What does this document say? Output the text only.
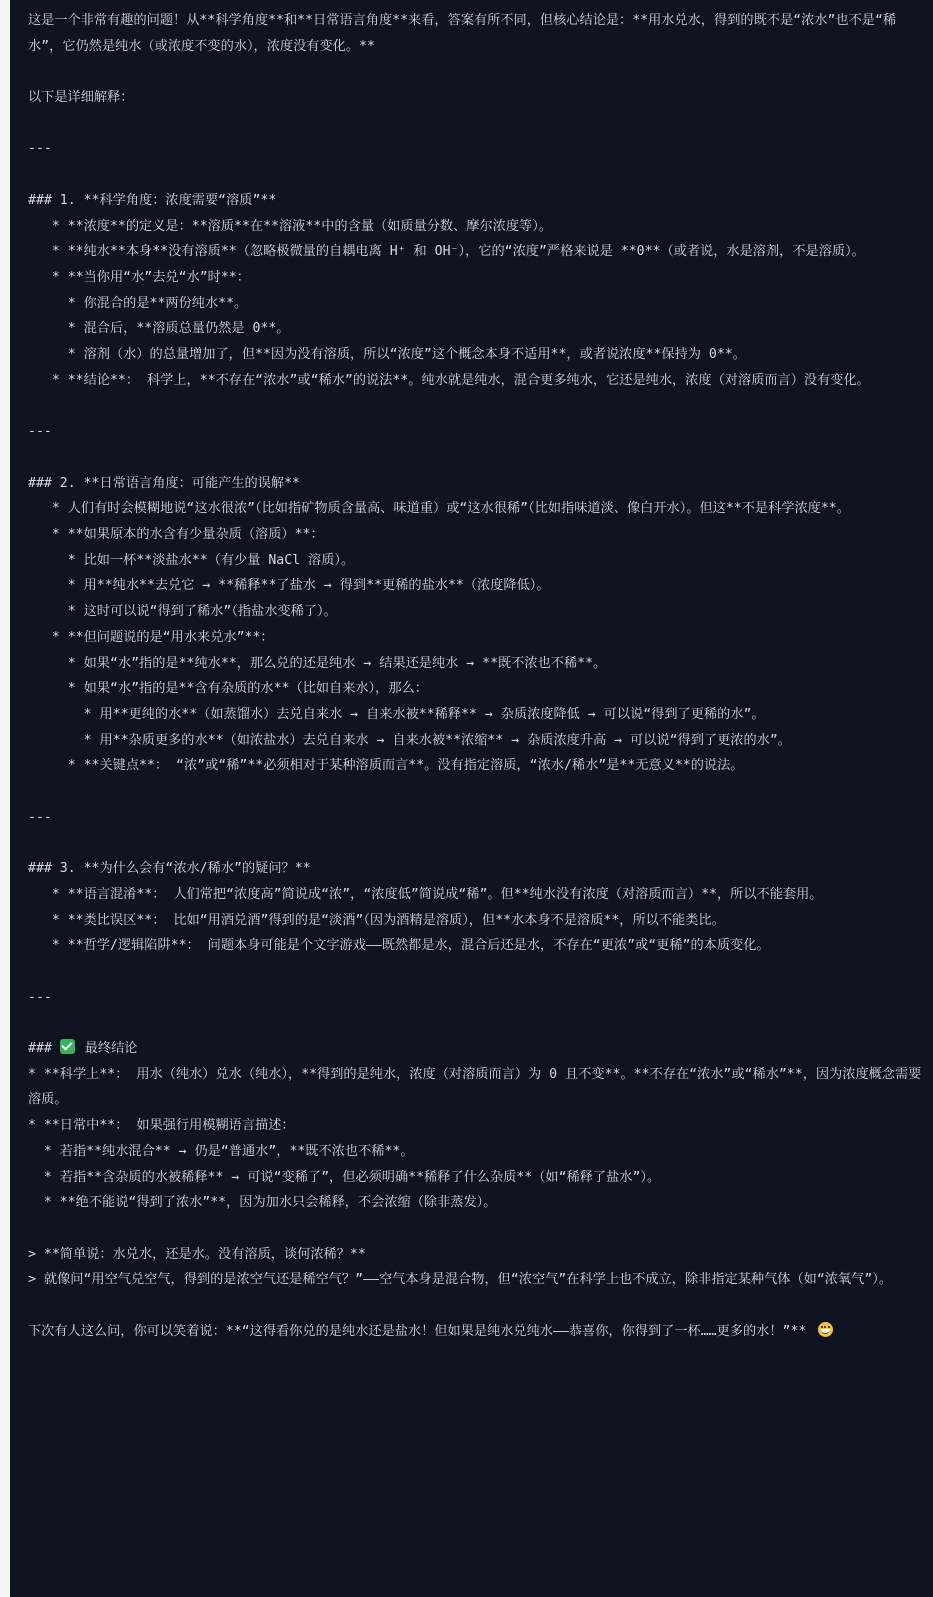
这是一个非常有趣的问题！从**科学角度**和**日常语言角度**来看，答案有所不同，但核心结论是：**用水兑水，得到的既不是“浓水”也不是“稀水”，它仍然是纯水（或浓度不变的水），浓度没有变化。**
以下是详细解释：
---
### 1. **科学角度：浓度需要“溶质”**
* **浓度**的定义是：**溶质**在**溶液**中的含量（如质量分数、摩尔浓度等）。
* **纯水**本身**没有溶质**（忽略极微量的自耦电离 H⁺ 和 OH⁻），它的“浓度”严格来说是 **0**（或者说，水是溶剂，不是溶质）。
* **当你用“水”去兑“水”时**：
* 你混合的是**两份纯水**。
* 混合后，**溶质总量仍然是 0**。
* 溶剂（水）的总量增加了，但**因为没有溶质，所以“浓度”这个概念本身不适用**，或者说浓度**保持为 0**。
* **结论**： 科学上，**不存在“浓水”或“稀水”的说法**。纯水就是纯水，混合更多纯水，它还是纯水，浓度（对溶质而言）没有变化。
---
### 2. **日常语言角度：可能产生的误解**
* 人们有时会模糊地说“这水很浓”（比如指矿物质含量高、味道重）或“这水很稀”（比如指味道淡、像白开水）。但这**不是科学浓度**。
* **如果原本的水含有少量杂质（溶质）**：
* 比如一杯**淡盐水**（有少量 NaCl 溶质）。
* 用**纯水**去兑它 → **稀释**了盐水 → 得到**更稀的盐水**（浓度降低）。
* 这时可以说“得到了稀水”（指盐水变稀了）。
* **但问题说的是“用水来兑水”**：
* 如果“水”指的是**纯水**，那么兑的还是纯水 → 结果还是纯水 → **既不浓也不稀**。
* 如果“水”指的是**含有杂质的水**（比如自来水），那么：
* 用**更纯的水**（如蒸馏水）去兑自来水 → 自来水被**稀释** → 杂质浓度降低 → 可以说“得到了更稀的水”。
* 用**杂质更多的水**（如浓盐水）去兑自来水 → 自来水被**浓缩** → 杂质浓度升高 → 可以说“得到了更浓的水”。
* **关键点**： “浓”或“稀”**必须相对于某种溶质而言**。没有指定溶质，“浓水/稀水”是**无意义**的说法。
---
### 3. **为什么会有“浓水/稀水”的疑问？**
* **语言混淆**： 人们常把“浓度高”简说成“浓”，“浓度低”简说成“稀”。但**纯水没有浓度（对溶质而言）**，所以不能套用。
* **类比误区**： 比如“用酒兑酒”得到的是“淡酒”（因为酒精是溶质），但**水本身不是溶质**，所以不能类比。
* **哲学/逻辑陷阱**： 问题本身可能是个文字游戏——既然都是水，混合后还是水，不存在“更浓”或“更稀”的本质变化。
---
###  最终结论
* **科学上**： 用水（纯水）兑水（纯水），**得到的是纯水，浓度（对溶质而言）为 0 且不变**。**不存在“浓水”或“稀水”**，因为浓度概念需要溶质。
* **日常中**： 如果强行用模糊语言描述：
* 若指**纯水混合** → 仍是“普通水”，**既不浓也不稀**。
* 若指**含杂质的水被稀释** → 可说“变稀了”，但必须明确**稀释了什么杂质**（如“稀释了盐水”）。
* **绝不能说“得到了浓水”**，因为加水只会稀释，不会浓缩（除非蒸发）。
> **简单说：水兑水，还是水。没有溶质，谈何浓稀？**
> 就像问“用空气兑空气，得到的是浓空气还是稀空气？”——空气本身是混合物，但“浓空气”在科学上也不成立，除非指定某种气体（如“浓氧气”）。
下次有人这么问，你可以笑着说：**“这得看你兑的是纯水还是盐水！但如果是纯水兑纯水——恭喜你，你得到了一杯……更多的水！”**
